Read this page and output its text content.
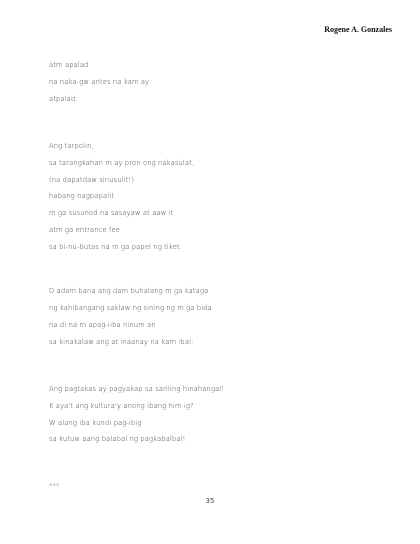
Rogene A. Gonzales
atm apalad
na naka-gw antes na kam ay
atpalad:
Ang tarpolin,
sa tarangkahan m ay pron ong nakasulat,
(na dapatdaw sinusulit!)
habang nagpapalit
m ga susunod na sasayaw at aaw it
atm ga entrance fee
sa bi-nu-butas na m ga papel ng tiket.
D adam bana ang dam buhalang m ga kataga
ng kahibangang saklaw ng sining ng m ga bida
na di na m apag-iiba ninum an
sa kinakalaw ang at inaanay na kam ibal:
Ang pagtakas ay pagyakap sa sariling hinahangal!
K aya't ang kultura'y anong ibang him ig?
W alang iba kundi pag-ibig
sa kutuw aang balabal ng pagkabalbal!
***
35
